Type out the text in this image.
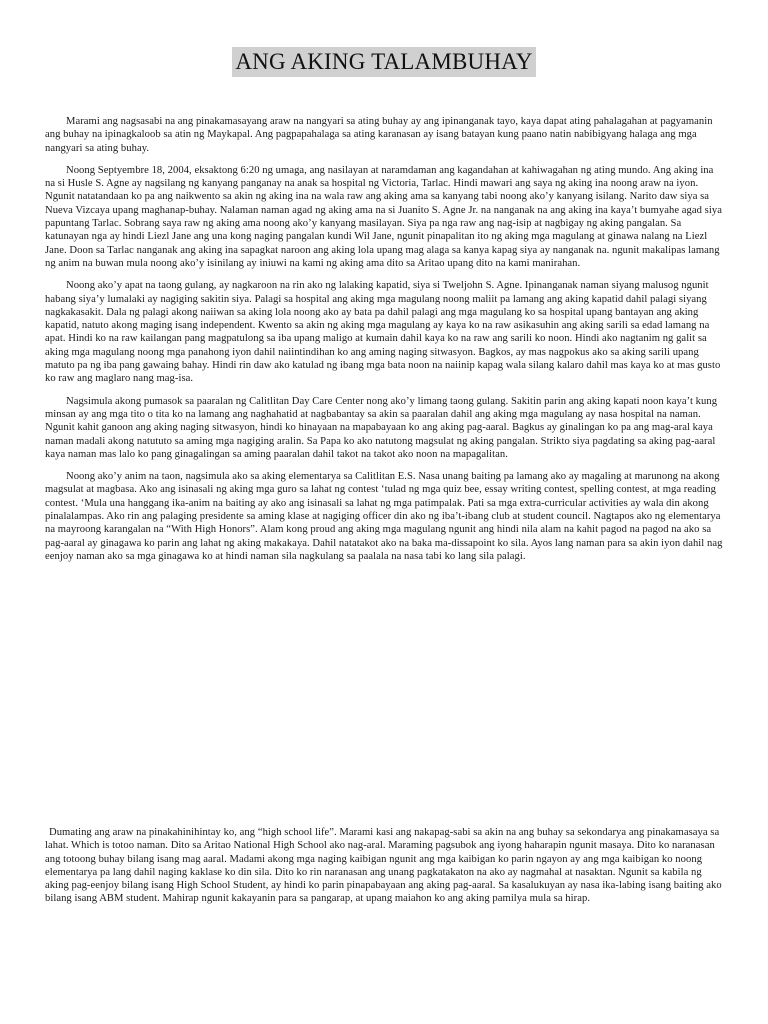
ANG AKING TALAMBUHAY

Marami ang nagsasabi na ang pinakamasayang araw na nangyari sa ating buhay ay ang ipinanganak tayo, kaya dapat ating pahalagahan at pagyamanin ang buhay na ipinagkaloob sa atin ng Maykapal. Ang pagpapahalaga sa ating karanasan ay isang batayan kung paano natin nabibigyang halaga ang mga nangyari sa ating buhay.

Noong Septyembre 18, 2004, eksaktong 6:20 ng umaga, ang nasilayan at naramdaman ang kagandahan at kahiwagahan ng ating mundo. Ang aking ina na si Husle S. Agne ay nagsilang ng kanyang panganay na anak sa hospital ng Victoria, Tarlac. Hindi mawari ang saya ng aking ina noong araw na iyon. Ngunit natatandaan ko pa ang naikwento sa akin ng aking ina na wala raw ang aking ama sa kanyang tabi noong ako’y kanyang isilang. Narito daw siya sa Nueva Vizcaya upang maghanap-buhay. Nalaman naman agad ng aking ama na si Juanito S. Agne Jr. na nanganak na ang aking ina kaya’t bumyahe agad siya papuntang Tarlac. Sobrang saya raw ng aking ama noong ako’y kanyang masilayan. Siya pa nga raw ang nag-isip at nagbigay ng aking pangalan. Sa katunayan nga ay hindi Liezl Jane ang una kong naging pangalan kundi Wil Jane, ngunit pinapalitan ito ng aking mga magulang at ginawa nalang na Liezl Jane. Doon sa Tarlac nanganak ang aking ina sapagkat naroon ang aking lola upang mag alaga sa kanya kapag siya ay nanganak na. ngunit makalipas lamang ng anim na buwan mula noong ako’y isinilang ay iniuwi na kami ng aking ama dito sa Aritao upang dito na kami manirahan.

Noong ako’y apat na taong gulang, ay nagkaroon na rin ako ng lalaking kapatid, siya si Tweljohn S. Agne. Ipinanganak naman siyang malusog ngunit habang siya’y lumalaki ay nagiging sakitin siya. Palagi sa hospital ang aking mga magulang noong maliit pa lamang ang aking kapatid dahil palagi siyang nagkakasakit. Dala ng palagi akong naiiwan sa aking lola noong ako ay bata pa dahil palagi ang mga magulang ko sa hospital upang bantayan ang aking kapatid, natuto akong maging isang independent. Kwento sa akin ng aking mga magulang ay kaya ko na raw asikasuhin ang aking sarili sa edad lamang na apat. Hindi ko na raw kailangan pang magpatulong sa iba upang maligo at kumain dahil kaya ko na raw ang sarili ko noon. Hindi ako nagtanim ng galit sa aking mga magulang noong mga panahong iyon dahil naiintindihan ko ang aming naging sitwasyon. Bagkos, ay mas nagpokus ako sa aking sarili upang matuto pa ng iba pang gawaing bahay. Hindi rin daw ako katulad ng ibang mga bata noon na naiinip kapag wala silang kalaro dahil mas kaya ko at mas gusto ko raw ang maglaro nang mag-isa.

Nagsimula akong pumasok sa paaralan ng Calitlitan Day Care Center nong ako’y limang taong gulang. Sakitin parin ang aking kapati noon kaya’t kung minsan ay ang mga tito o tita ko na lamang ang naghahatid at nagbabantay sa akin sa paaralan dahil ang aking mga magulang ay nasa hospital na naman. Ngunit kahit ganoon ang aking naging sitwasyon, hindi ko hinayaan na mapabayaan ko ang aking pag-aaral. Bagkus ay ginalingan ko pa ang mag-aral kaya naman madali akong natututo sa aming mga nagiging aralin. Sa Papa ko ako natutong magsulat ng aking pangalan. Strikto siya pagdating sa aking pag-aaral kaya naman mas lalo ko pang ginagalingan sa aming paaralan dahil takot na takot ako noon na mapagalitan.

Noong ako’y anim na taon, nagsimula ako sa aking elementarya sa Calitlitan E.S. Nasa unang baiting pa lamang ako ay magaling at marunong na akong magsulat at magbasa. Ako ang isinasali ng aking mga guro sa lahat ng contest ‘tulad ng mga quiz bee, essay writing contest, spelling contest, at mga reading contest. ‘Mula una hanggang ika-anim na baiting ay ako ang isinasali sa lahat ng mga patimpalak. Pati sa mga extra-curricular activities ay wala din akong pinalalampas. Ako rin ang palaging presidente sa aming klase at nagiging officer din ako ng iba’t-ibang club at student council. Nagtapos ako ng elementarya na mayroong karangalan na “With High Honors”. Alam kong proud ang aking mga magulang ngunit ang hindi nila alam na kahit pagod na pagod na ako sa pag-aaral ay ginagawa ko parin ang lahat ng aking makakaya. Dahil natatakot ako na baka ma-dissapoint ko sila. Ayos lang naman para sa akin iyon dahil nag eenjoy naman ako sa mga ginagawa ko at hindi naman sila nagkulang sa paalala na nasa tabi ko lang sila palagi.

Dumating ang araw na pinakahinihintay ko, ang “high school life”. Marami kasi ang nakapag-sabi sa akin na ang buhay sa sekondarya ang pinakamasaya sa lahat. Which is totoo naman. Dito sa Aritao National High School ako nag-aral. Maraming pagsubok ang iyong haharapin ngunit masaya. Dito ko naranasan ang totoong buhay bilang isang mag aaral. Madami akong mga naging kaibigan ngunit ang mga kaibigan ko parin ngayon ay ang mga kaibigan ko noong elementarya pa lang dahil naging kaklase ko din sila. Dito ko rin naranasan ang unang pagkatakaton na ako ay nagmahal at nasaktan. Ngunit sa kabila ng aking pag-eenjoy bilang isang High School Student, ay hindi ko parin pinapabayaan ang aking pag-aaral. Sa kasalukuyan ay nasa ika-labing isang baiting ako bilang isang ABM student. Mahirap ngunit kakayanin para sa pangarap, at upang maiahon ko ang aking pamilya mula sa hirap.
